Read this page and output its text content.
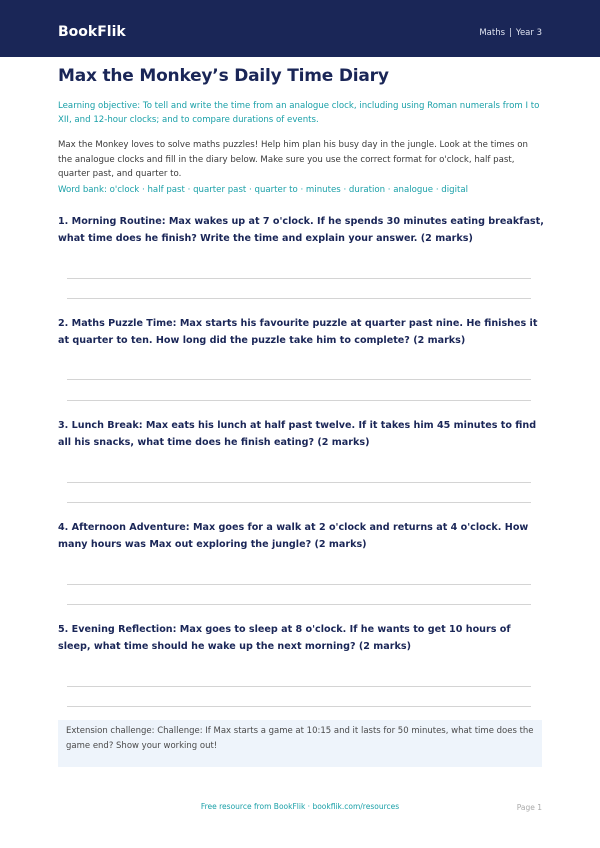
BookFlik	Maths | Year 3
Max the Monkey’s Daily Time Diary

Learning objective: To tell and write the time from an analogue clock, including using Roman numerals from I to XII, and 12-hour clocks; and to compare durations of events.

Max the Monkey loves to solve maths puzzles! Help him plan his busy day in the jungle. Look at the times on the analogue clocks and fill in the diary below. Make sure you use the correct format for o'clock, half past, quarter past, and quarter to.

Word bank: o'clock · half past · quarter past · quarter to · minutes · duration · analogue · digital

1. Morning Routine: Max wakes up at 7 o'clock. If he spends 30 minutes eating breakfast, what time does he finish? Write the time and explain your answer. (2 marks)

2. Maths Puzzle Time: Max starts his favourite puzzle at quarter past nine. He finishes it at quarter to ten. How long did the puzzle take him to complete? (2 marks)

3. Lunch Break: Max eats his lunch at half past twelve. If it takes him 45 minutes to find all his snacks, what time does he finish eating? (2 marks)

4. Afternoon Adventure: Max goes for a walk at 2 o'clock and returns at 4 o'clock. How many hours was Max out exploring the jungle? (2 marks)

5. Evening Reflection: Max goes to sleep at 8 o'clock. If he wants to get 10 hours of sleep, what time should he wake up the next morning? (2 marks)

Extension challenge: Challenge: If Max starts a game at 10:15 and it lasts for 50 minutes, what time does the game end? Show your working out!
Free resource from BookFlik · bookflik.com/resources	Page 1
